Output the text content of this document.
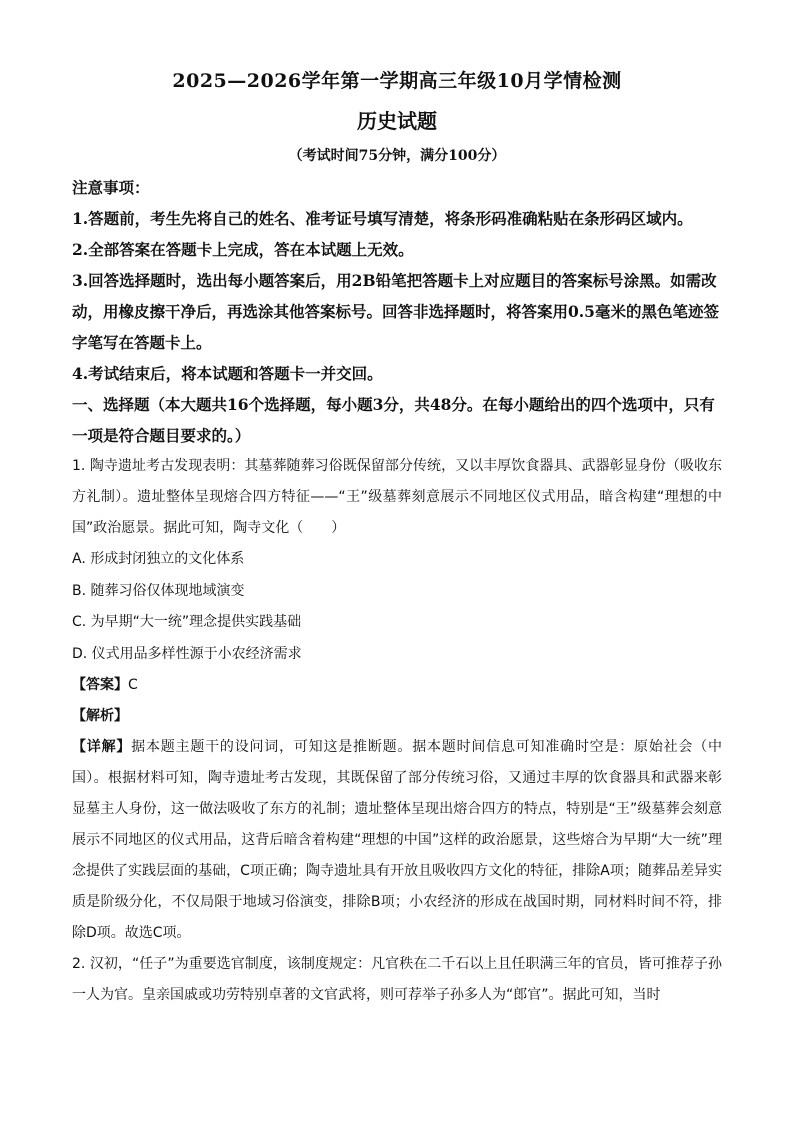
2025—2026学年第一学期高三年级10月学情检测
历史试题

（考试时间75分钟，满分100分）

注意事项：

1.答题前，考生先将自己的姓名、准考证号填写清楚，将条形码准确粘贴在条形码区域内。

2.全部答案在答题卡上完成，答在本试题上无效。

3.回答选择题时，选出每小题答案后，用2B铅笔把答题卡上对应题目的答案标号涂黑。如需改动，用橡皮擦干净后，再选涂其他答案标号。回答非选择题时，将答案用0.5毫米的黑色笔迹签字笔写在答题卡上。

4.考试结束后，将本试题和答题卡一并交回。

一、选择题（本大题共16个选择题，每小题3分，共48分。在每小题给出的四个选项中，只有一项是符合题目要求的。）

1. 陶寺遗址考古发现表明：其墓葬随葬习俗既保留部分传统，又以丰厚饮食器具、武器彰显身份（吸收东方礼制）。遗址整体呈现熔合四方特征——“王”级墓葬刻意展示不同地区仪式用品，暗含构建“理想的中国”政治愿景。据此可知，陶寺文化（　　）

A. 形成封闭独立的文化体系

B. 随葬习俗仅体现地域演变

C. 为早期“大一统”理念提供实践基础

D. 仪式用品多样性源于小农经济需求

【答案】C

【解析】

【详解】据本题主题干的设问词，可知这是推断题。据本题时间信息可知准确时空是：原始社会（中国）。根据材料可知，陶寺遗址考古发现，其既保留了部分传统习俗，又通过丰厚的饮食器具和武器来彰显墓主人身份，这一做法吸收了东方的礼制；遗址整体呈现出熔合四方的特点，特别是“王”级墓葬会刻意展示不同地区的仪式用品，这背后暗含着构建“理想的中国”这样的政治愿景，这些熔合为早期“大一统”理念提供了实践层面的基础，C项正确；陶寺遗址具有开放且吸收四方文化的特征，排除A项；随葬品差异实质是阶级分化，不仅局限于地域习俗演变，排除B项；小农经济的形成在战国时期，同材料时间不符，排除D项。故选C项。

2. 汉初，“任子”为重要选官制度，该制度规定：凡官秩在二千石以上且任职满三年的官员，皆可推荐子孙一人为官。皇亲国戚或功劳特别卓著的文官武将，则可荐举子孙多人为“郎官”。据此可知，当时
